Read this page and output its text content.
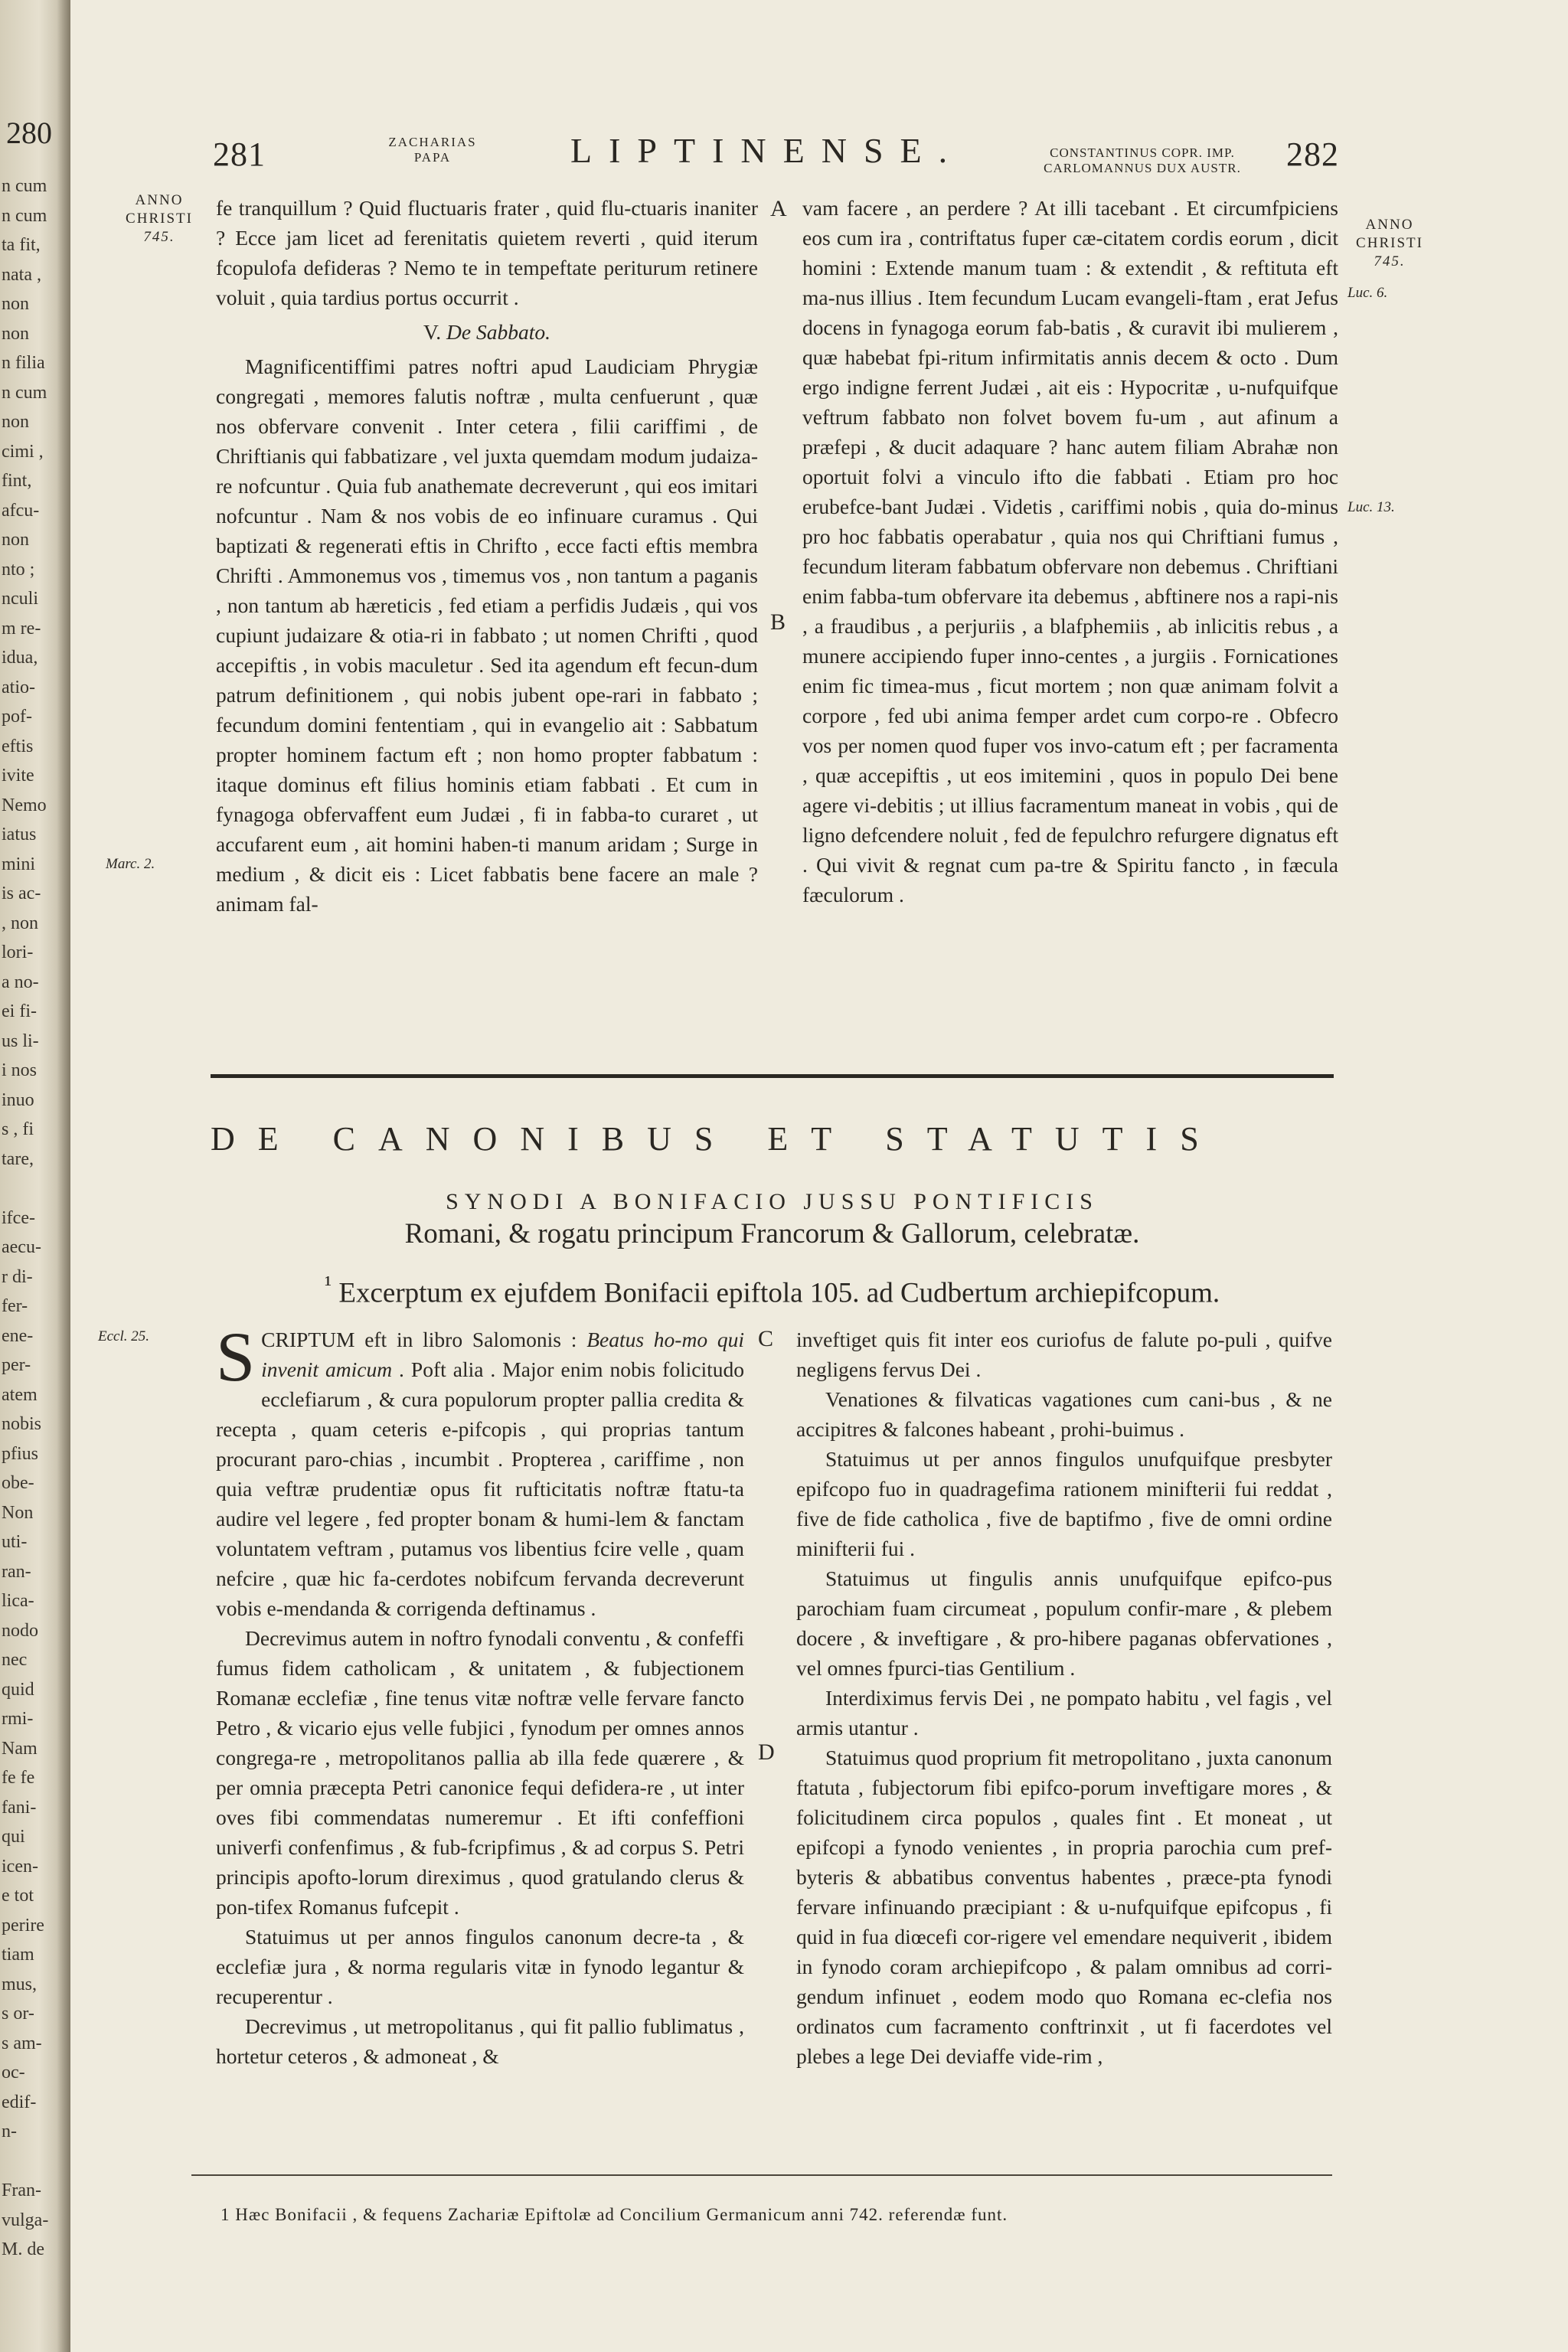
280
n cum
n cum
ta fit,
nata ,
non
non
n filia
n cum
non
cimi ,
fint,
afcu-
non
nto ;
nculi
m re-
idua,
atio-
pof-
eftis
ivite
Nemo
iatus
mini
is ac-
, non
lori-
a no-
ei fi-
us li-
i nos
inuo
s , fi
tare,
ifce-
aecu-
r di-
fer-
ene-
per-
atem
nobis
pfius
obe-
Non
uti-
ran-
lica-
nodo
nec
quid
rmi-
Nam
fe fe
fani-
qui
icen-
e tot
perire
tiam
mus,
s or-
s am-
oc-
edif-
n-
Fran-
vulga-
M. de
281	ZACHARIAS
PAPA	LIPTINENSE.	CONSTANTINUS COPR. IMP.
CARLOMANNUS DUX AUSTR.	282
ANNO
CHRISTI
745.
ANNO
CHRISTI
745.
Luc. 6.
Luc. 13.
Marc. 2.
Eccl. 25.
A
B
C
D

fe tranquillum ? Quid fluctuaris frater , quid flu-ctuaris inaniter ? Ecce jam licet ad ferenitatis quietem reverti , quid iterum fcopulofa defideras ? Nemo te in tempeftate periturum retinere voluit , quia tardius portus occurrit .

V. De Sabbato.

Magnificentiffimi patres noftri apud Laudiciam Phrygiæ congregati , memores falutis noftræ , multa cenfuerunt , quæ nos obfervare convenit . Inter cetera , filii cariffimi , de Chriftianis qui fabbatizare , vel juxta quemdam modum judaiza-re nofcuntur . Quia fub anathemate decreverunt , qui eos imitari nofcuntur . Nam & nos vobis de eo infinuare curamus . Qui baptizati & regenerati eftis in Chrifto , ecce facti eftis membra Chrifti . Ammonemus vos , timemus vos , non tantum a paganis , non tantum ab hæreticis , fed etiam a perfidis Judæis , qui vos cupiunt judaizare & otia-ri in fabbato ; ut nomen Chrifti , quod accepiftis , in vobis maculetur . Sed ita agendum eft fecun-dum patrum definitionem , qui nobis jubent ope-rari in fabbato ; fecundum domini fententiam , qui in evangelio ait : Sabbatum propter hominem factum eft ; non homo propter fabbatum : itaque dominus eft filius hominis etiam fabbati . Et cum in fynagoga obfervaffent eum Judæi , fi in fabba-to curaret , ut accufarent eum , ait homini haben-ti manum aridam ; Surge in medium , & dicit eis : Licet fabbatis bene facere an male ? animam fal-

vam facere , an perdere ? At illi tacebant . Et circumfpiciens eos cum ira , contriftatus fuper cæ-citatem cordis eorum , dicit homini : Extende manum tuam : & extendit , & reftituta eft ma-nus illius . Item fecundum Lucam evangeli-ftam , erat Jefus docens in fynagoga eorum fab-batis , & curavit ibi mulierem , quæ habebat fpi-ritum infirmitatis annis decem & octo . Dum ergo indigne ferrent Judæi , ait eis : Hypocritæ , u-nufquifque veftrum fabbato non folvet bovem fu-um , aut afinum a præfepi , & ducit adaquare ? hanc autem filiam Abrahæ non oportuit folvi a vinculo ifto die fabbati . Etiam pro hoc erubefce-bant Judæi . Videtis , cariffimi nobis , quia do-minus pro hoc fabbatis operabatur , quia nos qui Chriftiani fumus , fecundum literam fabbatum obfervare non debemus . Chriftiani enim fabba-tum obfervare ita debemus , abftinere nos a rapi-nis , a fraudibus , a perjuriis , a blafphemiis , ab inlicitis rebus , a munere accipiendo fuper inno-centes , a jurgiis . Fornicationes enim fic timea-mus , ficut mortem ; non quæ animam folvit a corpore , fed ubi anima femper ardet cum corpo-re . Obfecro vos per nomen quod fuper vos invo-catum eft ; per facramenta , quæ accepiftis , ut eos imitemini , quos in populo Dei bene agere vi-debitis ; ut illius facramentum maneat in vobis , qui de ligno defcendere noluit , fed de fepulchro refurgere dignatus eft . Qui vivit & regnat cum pa-tre & Spiritu fancto , in fæcula fæculorum .

DE CANONIBUS ET STATUTIS
SYNODI A BONIFACIO JUSSU PONTIFICIS
Romani, & rogatu principum Francorum & Gallorum, celebratæ.
$^{^1}$ Excerptum ex ejufdem Bonifacii epiftola 105. ad Cudbertum archiepifcopum.

SCRIPTUM eft in libro Salomonis : Beatus ho-mo qui invenit amicum . Poft alia . Major enim nobis folicitudo ecclefiarum , & cura populorum propter pallia credita & recepta , quam ceteris e-pifcopis , qui proprias tantum procurant paro-chias , incumbit . Propterea , cariffime , non quia veftræ prudentiæ opus fit rufticitatis noftræ ftatu-ta audire vel legere , fed propter bonam & humi-lem & fanctam voluntatem veftram , putamus vos libentius fcire velle , quam nefcire , quæ hic fa-cerdotes nobifcum fervanda decreverunt vobis e-mendanda & corrigenda deftinamus .

Decrevimus autem in noftro fynodali conventu , & confeffi fumus fidem catholicam , & unitatem , & fubjectionem Romanæ ecclefiæ , fine tenus vitæ noftræ velle fervare fancto Petro , & vicario ejus velle fubjici , fynodum per omnes annos congrega-re , metropolitanos pallia ab illa fede quærere , & per omnia præcepta Petri canonice fequi defidera-re , ut inter oves fibi commendatas numeremur . Et ifti confeffioni univerfi confenfimus , & fub-fcripfimus , & ad corpus S. Petri principis apofto-lorum direximus , quod gratulando clerus & pon-tifex Romanus fufcepit .

Statuimus ut per annos fingulos canonum decre-ta , & ecclefiæ jura , & norma regularis vitæ in fynodo legantur & recuperentur .

Decrevimus , ut metropolitanus , qui fit pallio fublimatus , hortetur ceteros , & admoneat , &

inveftiget quis fit inter eos curiofus de falute po-puli , quifve negligens fervus Dei .

Venationes & filvaticas vagationes cum cani-bus , & ne accipitres & falcones habeant , prohi-buimus .

Statuimus ut per annos fingulos unufquifque presbyter epifcopo fuo in quadragefima rationem minifterii fui reddat , five de fide catholica , five de baptifmo , five de omni ordine minifterii fui .

Statuimus ut fingulis annis unufquifque epifco-pus parochiam fuam circumeat , populum confir-mare , & plebem docere , & inveftigare , & pro-hibere paganas obfervationes , vel omnes fpurci-tias Gentilium .

Interdiximus fervis Dei , ne pompato habitu , vel fagis , vel armis utantur .

Statuimus quod proprium fit metropolitano , juxta canonum ftatuta , fubjectorum fibi epifco-porum inveftigare mores , & folicitudinem circa populos , quales fint . Et moneat , ut epifcopi a fynodo venientes , in propria parochia cum pref-byteris & abbatibus conventus habentes , præce-pta fynodi fervare infinuando præcipiant : & u-nufquifque epifcopus , fi quid in fua diœcefi cor-rigere vel emendare nequiverit , ibidem in fynodo coram archiepifcopo , & palam omnibus ad corri-gendum infinuet , eodem modo quo Romana ec-clefia nos ordinatos cum facramento conftrinxit , ut fi facerdotes vel plebes a lege Dei deviaffe vide-rim ,

1 Hæc Bonifacii , & fequens Zachariæ Epiftolæ ad Concilium Germanicum anni 742. referendæ funt.
